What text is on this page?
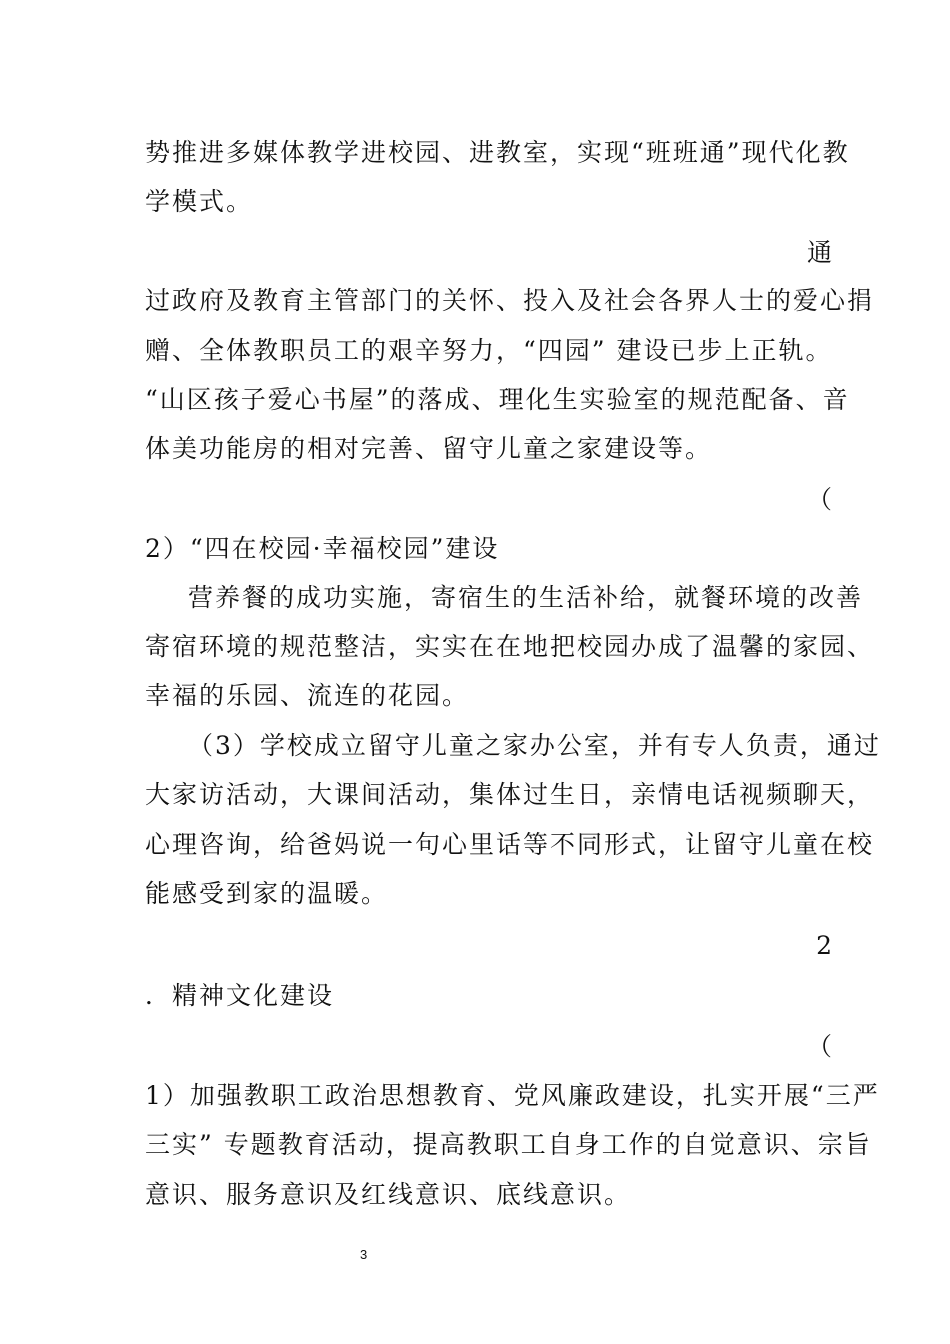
势推进多媒体教学进校园、进教室，实现“班班通”现代化教
学模式。
通
过政府及教育主管部门的关怀、投入及社会各界人士的爱心捐
赠、全体教职员工的艰辛努力，“四园” 建设已步上正轨。
“山区孩子爱心书屋”的落成、理化生实验室的规范配备、音
体美功能房的相对完善、留守儿童之家建设等。
（
2）“四在校园·幸福校园”建设
营养餐的成功实施，寄宿生的生活补给，就餐环境的改善
寄宿环境的规范整洁，实实在在地把校园办成了温馨的家园、
幸福的乐园、流连的花园。
（3）学校成立留守儿童之家办公室，并有专人负责，通过
大家访活动，大课间活动，集体过生日，亲情电话视频聊天，
心理咨询，给爸妈说一句心里话等不同形式，让留守儿童在校
能感受到家的温暖。
2
．精神文化建设
（
1）加强教职工政治思想教育、党风廉政建设，扎实开展“三严
三实” 专题教育活动，提高教职工自身工作的自觉意识、宗旨
意识、服务意识及红线意识、底线意识。
3
